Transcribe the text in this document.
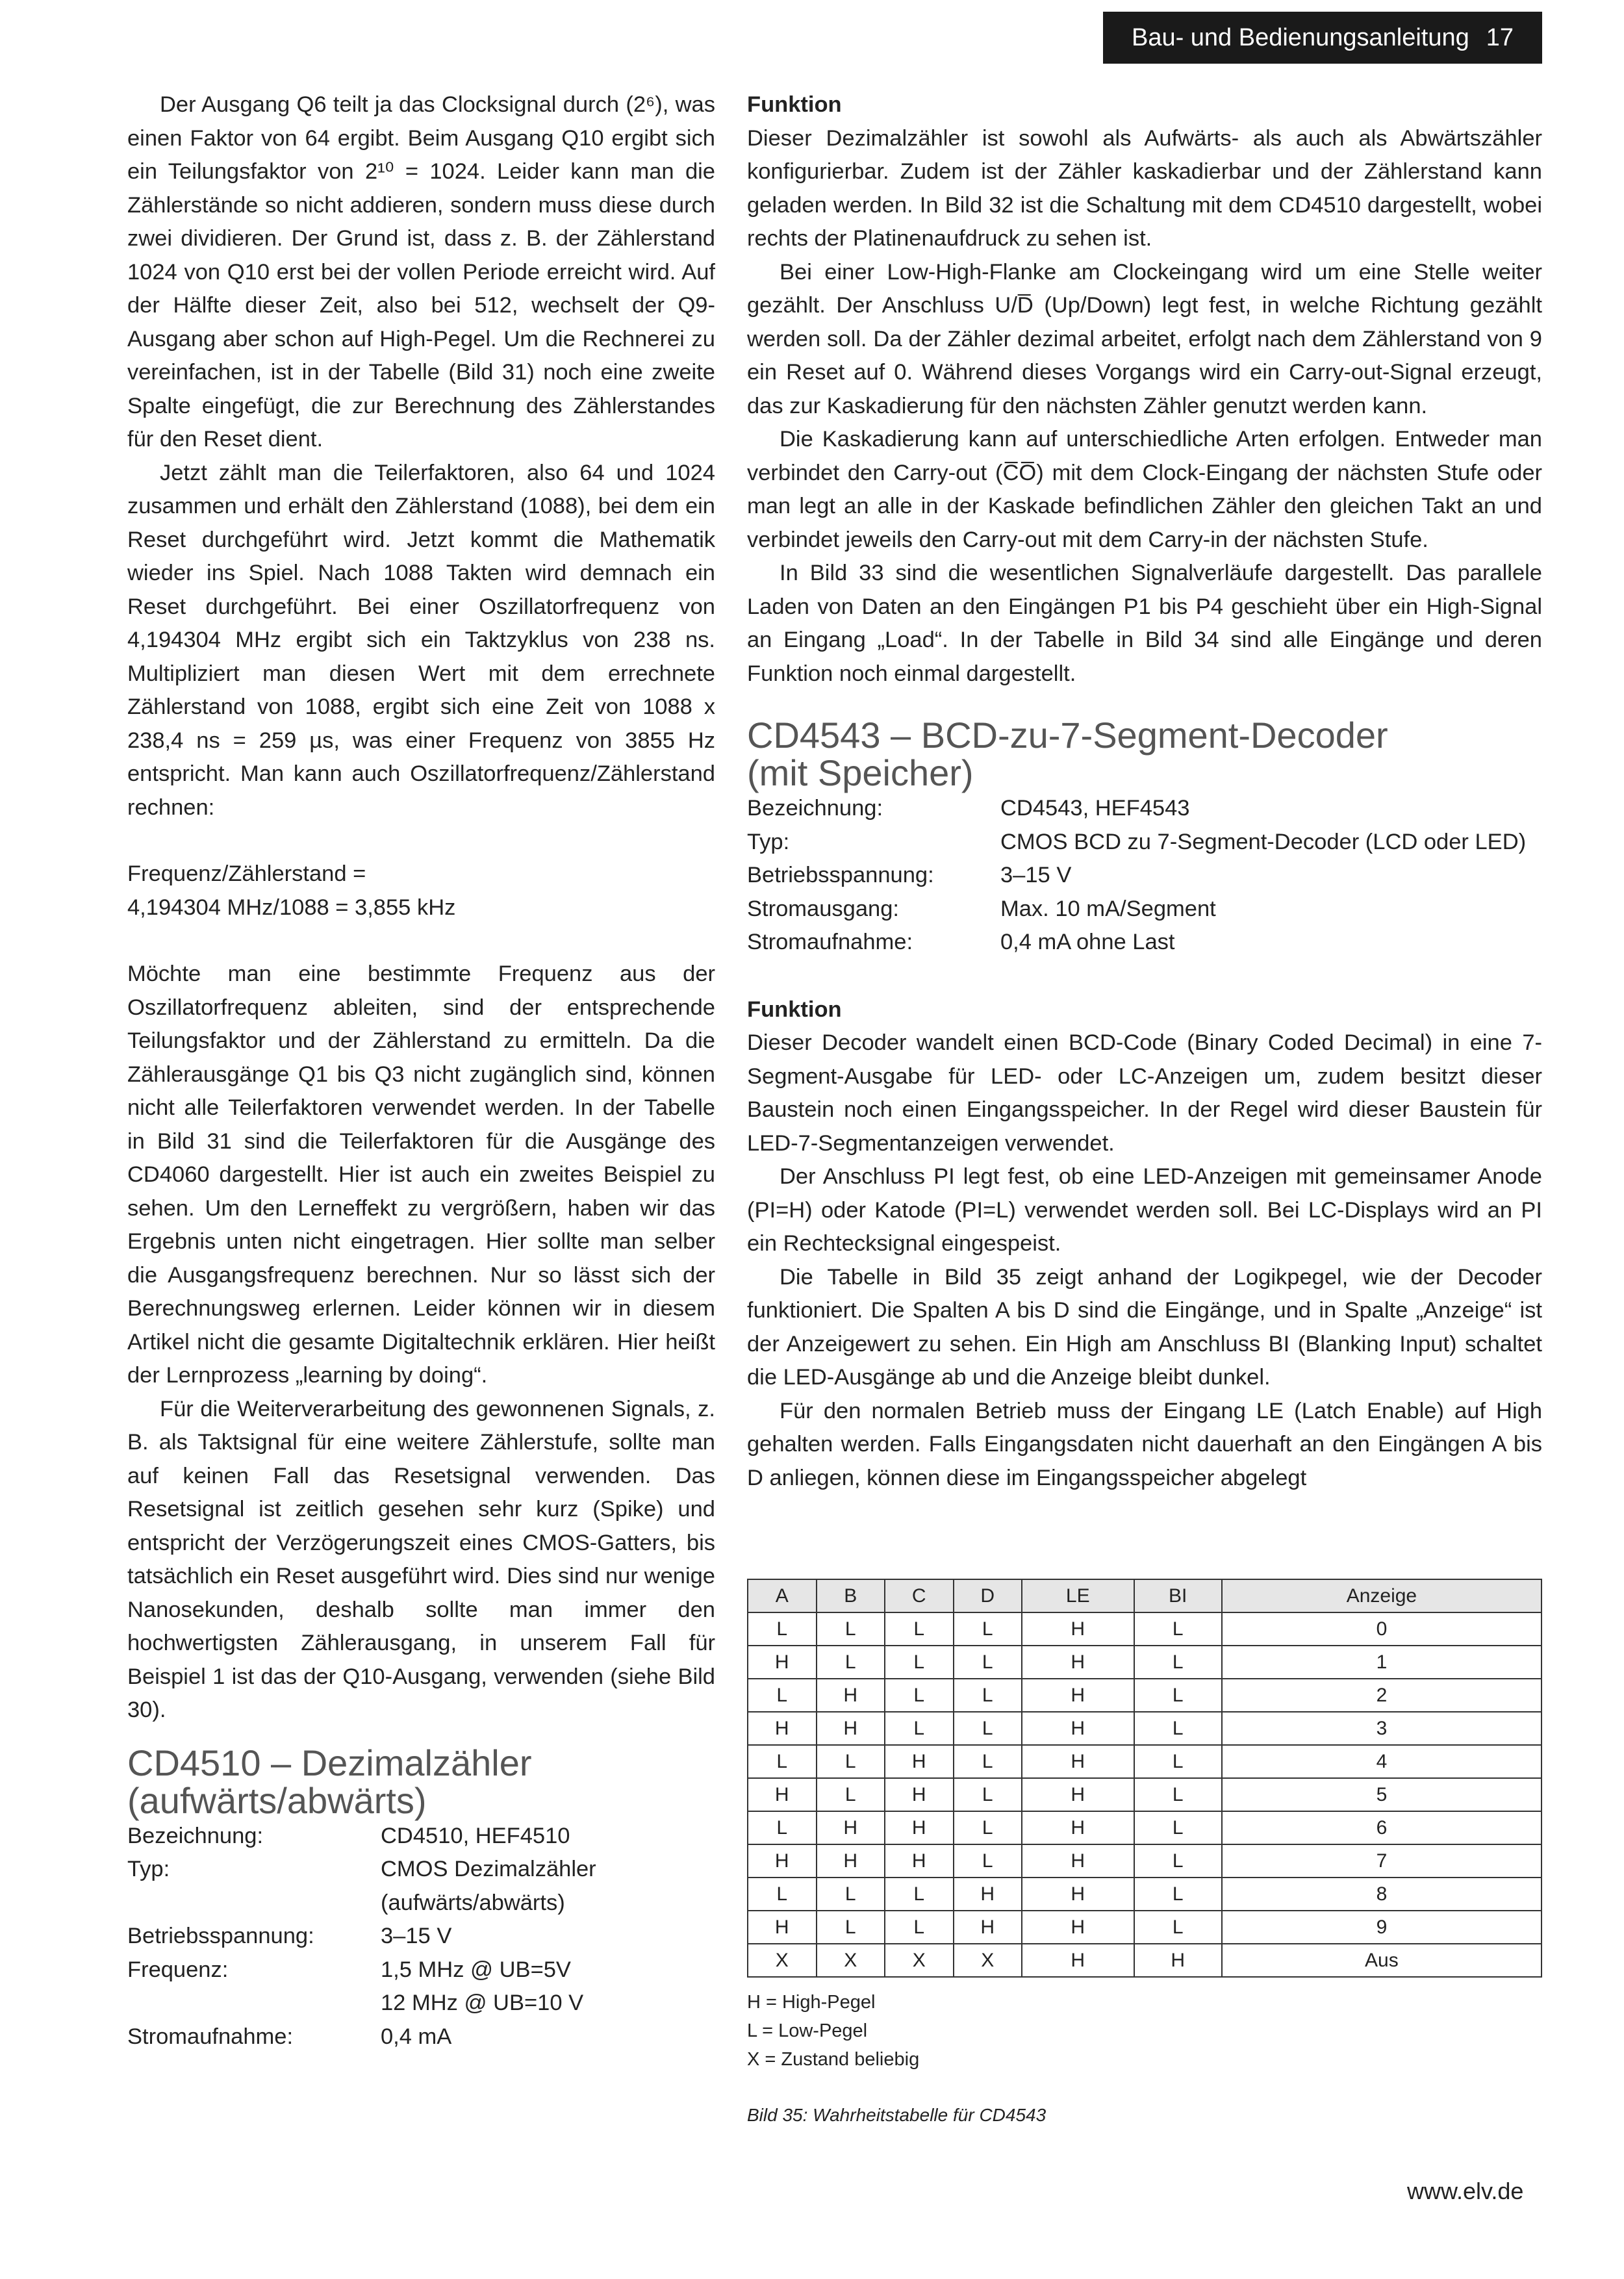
Bau- und Bedienungsanleitung 17

Der Ausgang Q6 teilt ja das Clocksignal durch (2⁶), was einen Faktor von 64 ergibt. Beim Ausgang Q10 ergibt sich ein Teilungsfaktor von 2¹⁰ = 1024. Leider kann man die Zählerstände so nicht addieren, sondern muss diese durch zwei dividieren. Der Grund ist, dass z. B. der Zählerstand 1024 von Q10 erst bei der vollen Periode erreicht wird. Auf der Hälfte dieser Zeit, also bei 512, wechselt der Q9-Ausgang aber schon auf High-Pegel. Um die Rechnerei zu vereinfachen, ist in der Tabelle (Bild 31) noch eine zweite Spalte eingefügt, die zur Berechnung des Zählerstandes für den Reset dient.

Jetzt zählt man die Teilerfaktoren, also 64 und 1024 zusammen und erhält den Zählerstand (1088), bei dem ein Reset durchgeführt wird. Jetzt kommt die Mathematik wieder ins Spiel. Nach 1088 Takten wird demnach ein Reset durchgeführt. Bei einer Oszillatorfrequenz von 4,194304 MHz ergibt sich ein Taktzyklus von 238 ns. Multipliziert man diesen Wert mit dem errechnete Zählerstand von 1088, ergibt sich eine Zeit von 1088 x 238,4 ns = 259 µs, was einer Frequenz von 3855 Hz entspricht. Man kann auch Oszillatorfrequenz/Zählerstand rechnen:

Frequenz/Zählerstand =

4,194304 MHz/1088 = 3,855 kHz

Möchte man eine bestimmte Frequenz aus der Oszillatorfrequenz ableiten, sind der entsprechende Teilungsfaktor und der Zählerstand zu ermitteln. Da die Zählerausgänge Q1 bis Q3 nicht zugänglich sind, können nicht alle Teilerfaktoren verwendet werden. In der Tabelle in Bild 31 sind die Teilerfaktoren für die Ausgänge des CD4060 dargestellt. Hier ist auch ein zweites Beispiel zu sehen. Um den Lerneffekt zu vergrößern, haben wir das Ergebnis unten nicht eingetragen. Hier sollte man selber die Ausgangsfrequenz berechnen. Nur so lässt sich der Berechnungsweg erlernen. Leider können wir in diesem Artikel nicht die gesamte Digitaltechnik erklären. Hier heißt der Lernprozess „learning by doing“.

Für die Weiterverarbeitung des gewonnenen Signals, z. B. als Taktsignal für eine weitere Zählerstufe, sollte man auf keinen Fall das Resetsignal verwenden. Das Resetsignal ist zeitlich gesehen sehr kurz (Spike) und entspricht der Verzögerungszeit eines CMOS-Gatters, bis tatsächlich ein Reset ausgeführt wird. Dies sind nur wenige Nanosekunden, deshalb sollte man immer den hochwertigsten Zählerausgang, in unserem Fall für Beispiel 1 ist das der Q10-Ausgang, verwenden (siehe Bild 30).

CD4510 – Dezimalzähler

(aufwärts/abwärts)

Bezeichnung:	CD4510, HEF4510
Typ:	CMOS Dezimalzähler
(aufwärts/abwärts)
Betriebsspannung:	3–15 V
Frequenz:	1,5 MHz @ UB=5V
12 MHz @ UB=10 V
Stromaufnahme:	0,4 mA

Funktion

Dieser Dezimalzähler ist sowohl als Aufwärts- als auch als Abwärtszähler konfigurierbar. Zudem ist der Zähler kaskadierbar und der Zählerstand kann geladen werden. In Bild 32 ist die Schaltung mit dem CD4510 dargestellt, wobei rechts der Platinenaufdruck zu sehen ist.

Bei einer Low-High-Flanke am Clockeingang wird um eine Stelle weiter gezählt. Der Anschluss U/D̅ (Up/Down) legt fest, in welche Richtung gezählt werden soll. Da der Zähler dezimal arbeitet, erfolgt nach dem Zählerstand von 9 ein Reset auf 0. Während dieses Vorgangs wird ein Carry-out-Signal erzeugt, das zur Kaskadierung für den nächsten Zähler genutzt werden kann.

Die Kaskadierung kann auf unterschiedliche Arten erfolgen. Entweder man verbindet den Carry-out (C̅O̅) mit dem Clock-Eingang der nächsten Stufe oder man legt an alle in der Kaskade befindlichen Zähler den gleichen Takt an und verbindet jeweils den Carry-out mit dem Carry-in der nächsten Stufe.

In Bild 33 sind die wesentlichen Signalverläufe dargestellt. Das parallele Laden von Daten an den Eingängen P1 bis P4 geschieht über ein High-Signal an Eingang „Load“. In der Tabelle in Bild 34 sind alle Eingänge und deren Funktion noch einmal dargestellt.

CD4543 – BCD-zu-7-Segment-Decoder

(mit Speicher)

Bezeichnung:	CD4543, HEF4543
Typ:	CMOS BCD zu 7-Segment-Decoder (LCD oder LED)
Betriebsspannung:	3–15 V
Stromausgang:	Max. 10 mA/Segment
Stromaufnahme:	0,4 mA ohne Last

Funktion

Dieser Decoder wandelt einen BCD-Code (Binary Coded Decimal) in eine 7-Segment-Ausgabe für LED- oder LC-Anzeigen um, zudem besitzt dieser Baustein noch einen Eingangsspeicher. In der Regel wird dieser Baustein für LED-7-Segmentanzeigen verwendet.

Der Anschluss PI legt fest, ob eine LED-Anzeigen mit gemeinsamer Anode (PI=H) oder Katode (PI=L) verwendet werden soll. Bei LC-Displays wird an PI ein Rechtecksignal eingespeist.

Die Tabelle in Bild 35 zeigt anhand der Logikpegel, wie der Decoder funktioniert. Die Spalten A bis D sind die Eingänge, und in Spalte „Anzeige“ ist der Anzeigewert zu sehen. Ein High am Anschluss BI (Blanking Input) schaltet die LED-Ausgänge ab und die Anzeige bleibt dunkel.

Für den normalen Betrieb muss der Eingang LE (Latch Enable) auf High gehalten werden. Falls Eingangsdaten nicht dauerhaft an den Eingängen A bis D anliegen, können diese im Eingangsspeicher abgelegt

A	B	C	D	LE	BI	Anzeige
L	L	L	L	H	L	0
H	L	L	L	H	L	1
L	H	L	L	H	L	2
H	H	L	L	H	L	3
L	L	H	L	H	L	4
H	L	H	L	H	L	5
L	H	H	L	H	L	6
H	H	H	L	H	L	7
L	L	L	H	H	L	8
H	L	L	H	H	L	9
X	X	X	X	H	H	Aus
H = High-Pegel
L = Low-Pegel
X = Zustand beliebig
Bild 35: Wahrheitstabelle für CD4543
www.elv.de
